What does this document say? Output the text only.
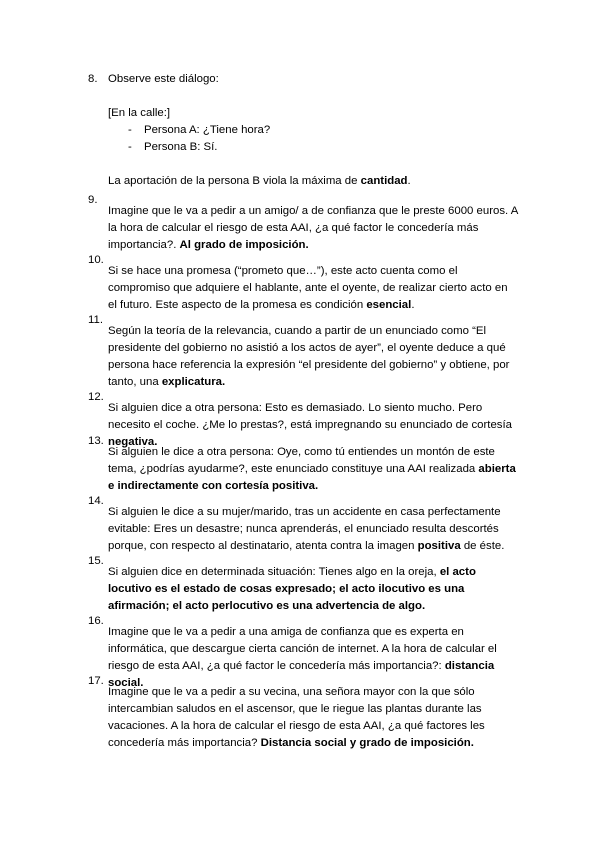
8. Observe este diálogo:

[En la calle:]

- Persona A: ¿Tiene hora?
- Persona B: Sí.

La aportación de la persona B viola la máxima de cantidad.

9.

Imagine que le va a pedir a un amigo/ a de confianza que le preste 6000 euros. A la hora de calcular el riesgo de esta AAI, ¿a qué factor le concedería más importancia?. Al grado de imposición.

10.

Si se hace una promesa (“prometo que…”), este acto cuenta como el compromiso que adquiere el hablante, ante el oyente, de realizar cierto acto en el futuro. Este aspecto de la promesa es condición esencial.

11.

Según la teoría de la relevancia, cuando a partir de un enunciado como “El presidente del gobierno no asistió a los actos de ayer”, el oyente deduce a qué persona hace referencia la expresión “el presidente del gobierno” y obtiene, por tanto, una explicatura.

12.

Si alguien dice a otra persona: Esto es demasiado. Lo siento mucho. Pero necesito el coche. ¿Me lo prestas?, está impregnando su enunciado de cortesía negativa.

13.

Si alguien le dice a otra persona: Oye, como tú entiendes un montón de este tema, ¿podrías ayudarme?, este enunciado constituye una AAI realizada abierta e indirectamente con cortesía positiva.

14.

Si alguien le dice a su mujer/marido, tras un accidente en casa perfectamente evitable: Eres un desastre; nunca aprenderás, el enunciado resulta descortés porque, con respecto al destinatario, atenta contra la imagen positiva de éste.

15.

Si alguien dice en determinada situación: Tienes algo en la oreja, el acto locutivo es el estado de cosas expresado; el acto ilocutivo es una afirmación; el acto perlocutivo es una advertencia de algo.

16.

Imagine que le va a pedir a una amiga de confianza que es experta en informática, que descargue cierta canción de internet. A la hora de calcular el riesgo de esta AAI, ¿a qué factor le concedería más importancia?: distancia social.

17.

Imagine que le va a pedir a su vecina, una señora mayor con la que sólo intercambian saludos en el ascensor, que le riegue las plantas durante las vacaciones. A la hora de calcular el riesgo de esta AAI, ¿a qué factores les concedería más importancia? Distancia social y grado de imposición.
